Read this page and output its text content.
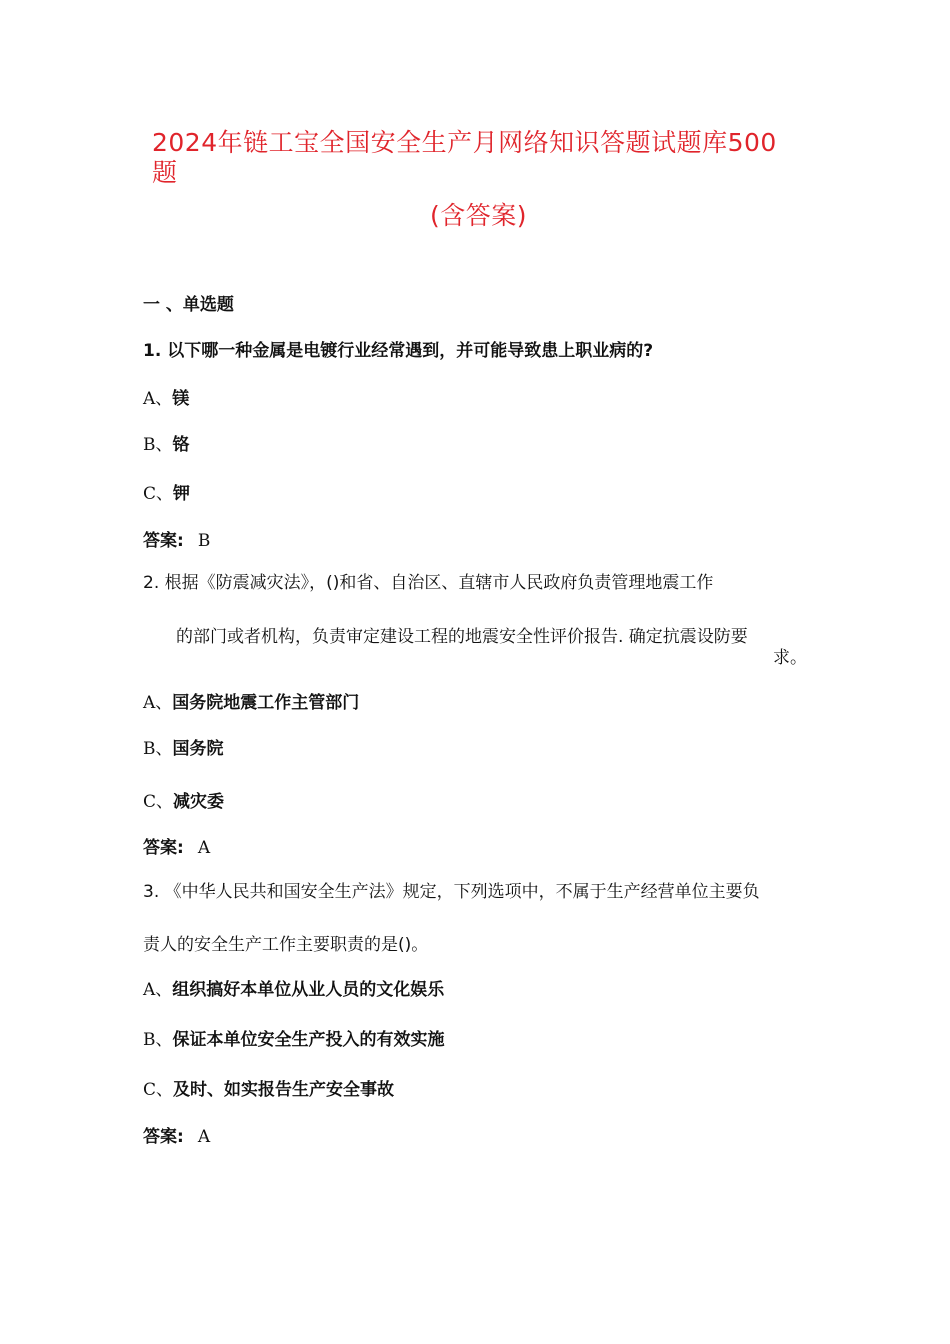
2024年链工宝全国安全生产月网络知识答题试题库500
题
(含答案)
一 、单选题
1. 以下哪一种金属是电镀行业经常遇到，并可能导致患上职业病的?
A、镁
B、铬
C、钾
答案: B
2. 根据《防震减灾法》，()和省、自治区、直辖市人民政府负责管理地震工作
的部门或者机构，负责审定建设工程的地震安全性评价报告. 确定抗震设防要
求。
A、国务院地震工作主管部门
B、国务院
C、减灾委
答案: A
3. 《中华人民共和国安全生产法》规定，下列选项中，不属于生产经营单位主要负
责人的安全生产工作主要职责的是()。
A、组织搞好本单位从业人员的文化娱乐
B、保证本单位安全生产投入的有效实施
C、及时、如实报告生产安全事故
答案: A
